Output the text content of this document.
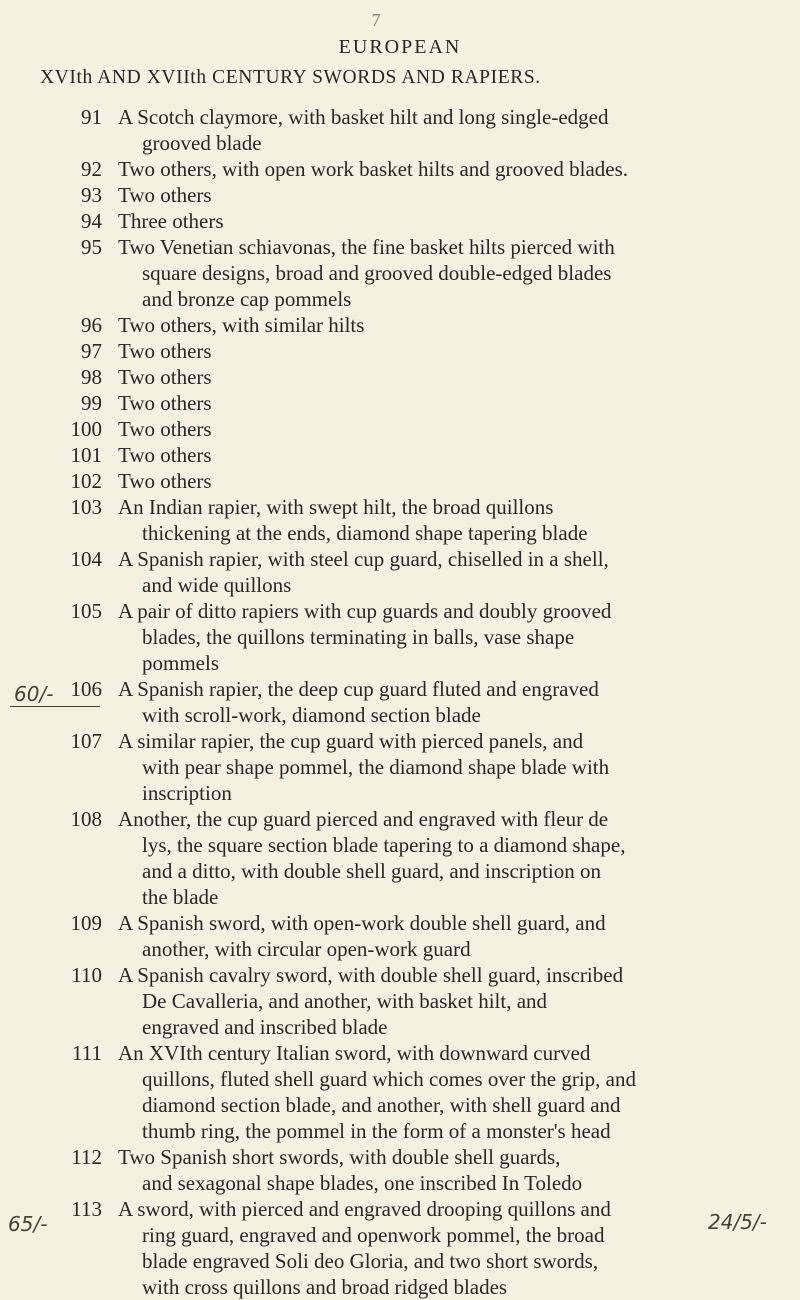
7
EUROPEAN
XVIth AND XVIIth CENTURY SWORDS AND RAPIERS.
91 A Scotch claymore, with basket hilt and long single-edged
grooved blade
92 Two others, with open work basket hilts and grooved blades.
93 Two others
94 Three others
95 Two Venetian schiavonas, the fine basket hilts pierced with
square designs, broad and grooved double-edged blades
and bronze cap pommels
96 Two others, with similar hilts
97 Two others
98 Two others
99 Two others
100 Two others
101 Two others
102 Two others
103 An Indian rapier, with swept hilt, the broad quillons
thickening at the ends, diamond shape tapering blade
104 A Spanish rapier, with steel cup guard, chiselled in a shell,
and wide quillons
105 A pair of ditto rapiers with cup guards and doubly grooved
blades, the quillons terminating in balls, vase shape
pommels
106 A Spanish rapier, the deep cup guard fluted and engraved
with scroll-work, diamond section blade
107 A similar rapier, the cup guard with pierced panels, and
with pear shape pommel, the diamond shape blade with
inscription
108 Another, the cup guard pierced and engraved with fleur de
lys, the square section blade tapering to a diamond shape,
and a ditto, with double shell guard, and inscription on
the blade
109 A Spanish sword, with open-work double shell guard, and
another, with circular open-work guard
110 A Spanish cavalry sword, with double shell guard, inscribed
De Cavalleria, and another, with basket hilt, and
engraved and inscribed blade
111 An XVIth century Italian sword, with downward curved
quillons, fluted shell guard which comes over the grip, and
diamond section blade, and another, with shell guard and
thumb ring, the pommel in the form of a monster's head
112 Two Spanish short swords, with double shell guards,
and sexagonal shape blades, one inscribed In Toledo
113 A sword, with pierced and engraved drooping quillons and
ring guard, engraved and openwork pommel, the broad
blade engraved Soli deo Gloria, and two short swords,
with cross quillons and broad ridged blades
60/-
65/-	24/5/-
